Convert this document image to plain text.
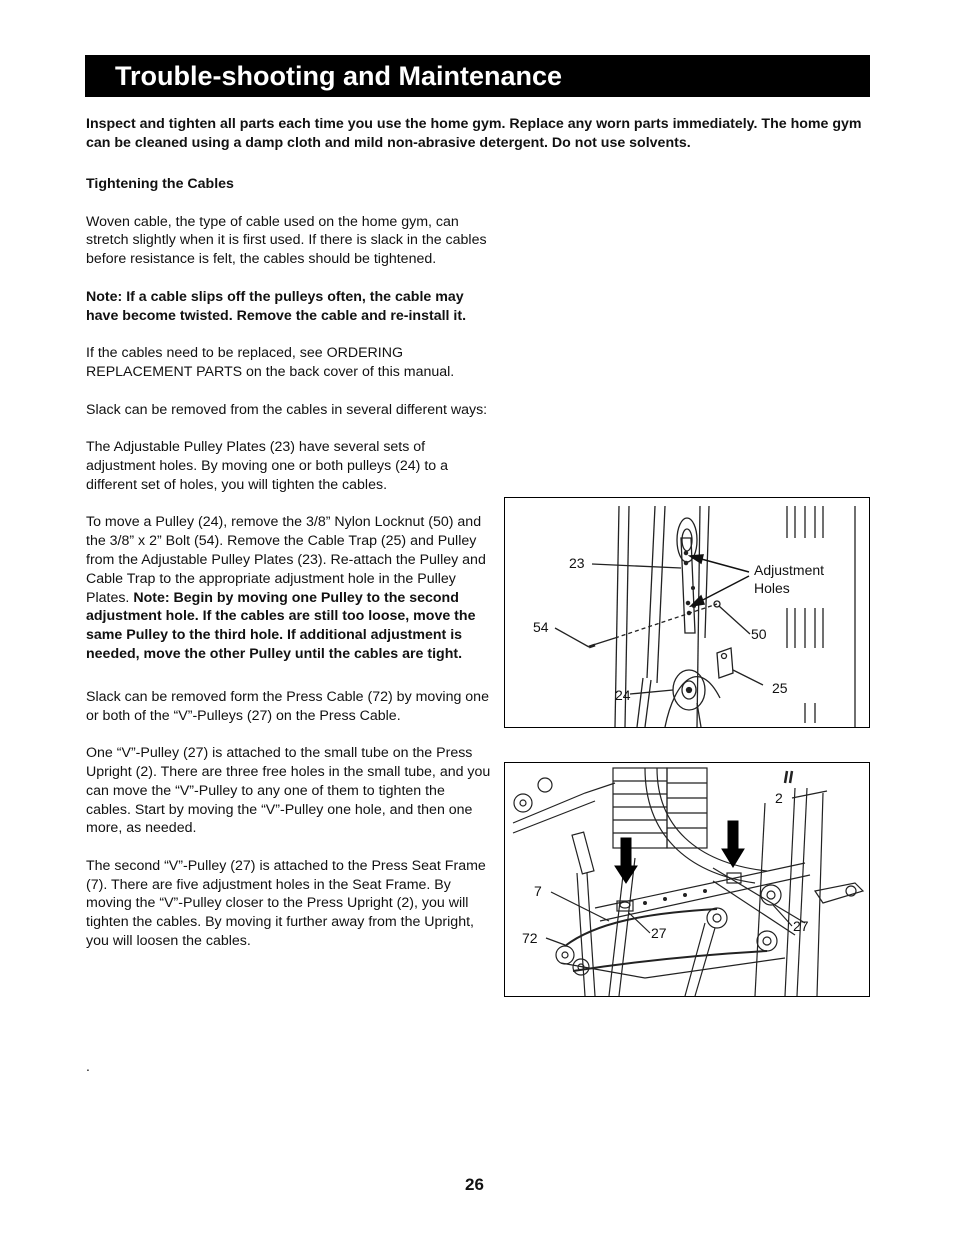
Trouble-shooting and Maintenance

Inspect and tighten all parts each time you use the home gym. Replace any worn parts immediately. The home gym can be cleaned using a damp cloth and mild non-abrasive detergent. Do not use solvents.

Tightening the Cables

Woven cable, the type of cable used on the home gym, can stretch slightly when it is first used. If there is slack in the cables before resistance is felt, the cables should be tightened.

Note: If a cable slips off the pulleys often, the cable may have become twisted. Remove the cable and re-install it.

If the cables need to be replaced, see ORDERING REPLACEMENT PARTS on the back cover of this manual.

Slack can be removed from the cables in several different ways:

The Adjustable Pulley Plates (23) have several sets of adjustment holes. By moving one or both pulleys (24) to a different set of holes, you will tighten the cables.

To move a Pulley (24), remove the 3/8” Nylon Locknut (50) and the 3/8” x 2” Bolt (54). Remove the Cable Trap (25) and Pulley from the Adjustable Pulley Plates (23). Re-attach the Pulley and Cable Trap to the appropriate adjustment hole in the Pulley Plates. Note: Begin by moving one Pulley to the second adjustment hole. If the cables are still too loose, move the same Pulley to the third hole. If additional adjustment is needed, move the other Pulley until the cables are tight.

Slack can be removed form the Press Cable (72) by moving one or both of the “V”-Pulleys (27) on the Press Cable.

One “V”-Pulley (27) is attached to the small tube on the Press Upright (2). There are three free holes in the small tube, and you can move the “V”-Pulley to any one of them to tighten the cables. Start by moving the “V”-Pulley one hole, and then one more, as needed.

The second “V”-Pulley (27) is attached to the Press Seat Frame (7). There are five adjustment holes in the Seat Frame. By moving the “V”-Pulley closer to the Press Upright (2), you will tighten the cables. By moving it further away from the Upright, you will loosen the cables.

.
23	Adjustment
Holes
54	50
24	25
2
7
72	27	27
26
